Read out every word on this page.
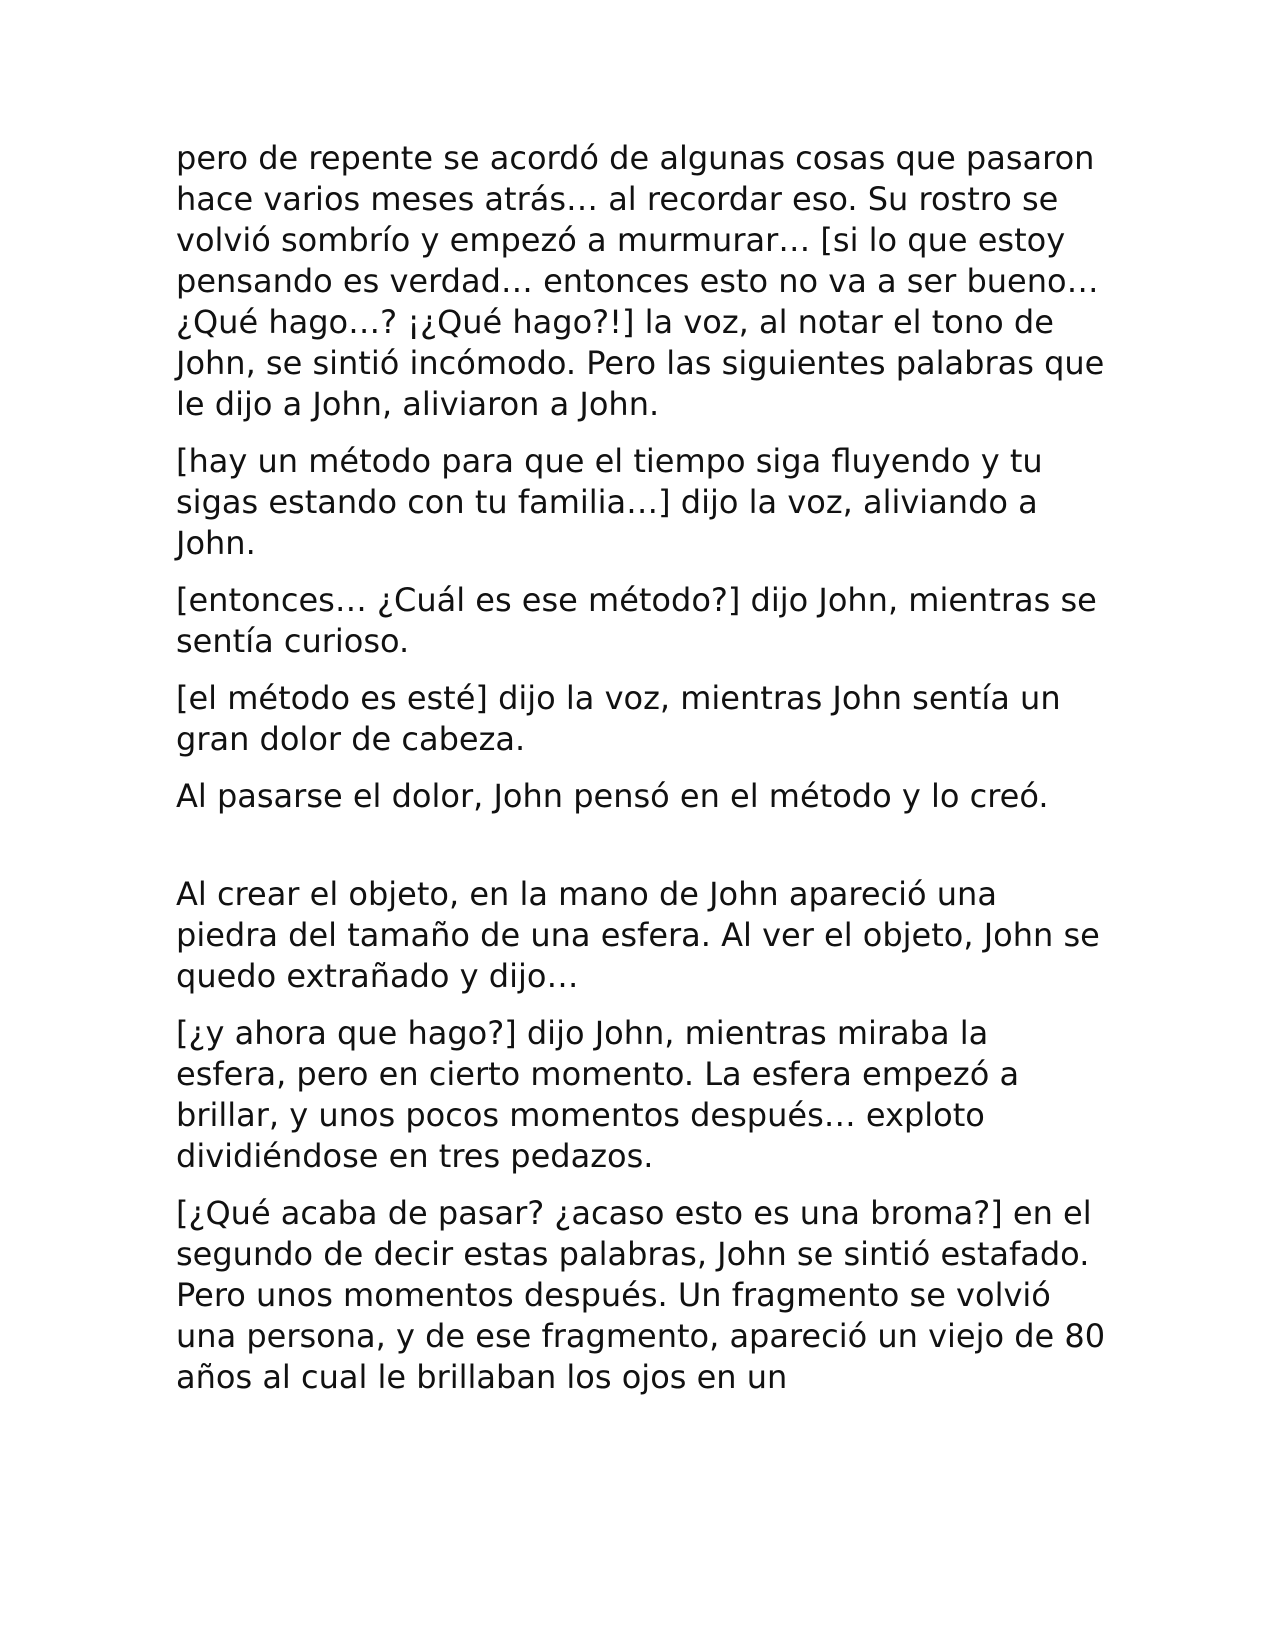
pero de repente se acordó de algunas cosas que pasaron hace varios meses atrás… al recordar eso. Su rostro se volvió sombrío y empezó a murmurar… [si lo que estoy pensando es verdad… entonces esto no va a ser bueno… ¿Qué hago…? ¡¿Qué hago?!] la voz, al notar el tono de John, se sintió incómodo. Pero las siguientes palabras que le dijo a John, aliviaron a John.

[hay un método para que el tiempo siga fluyendo y tu sigas estando con tu familia…] dijo la voz, aliviando a John.

[entonces… ¿Cuál es ese método?] dijo John, mientras se sentía curioso.

[el método es esté] dijo la voz, mientras John sentía un gran dolor de cabeza.

Al pasarse el dolor, John pensó en el método y lo creó.

Al crear el objeto, en la mano de John apareció una piedra del tamaño de una esfera. Al ver el objeto, John se quedo extrañado y dijo…

[¿y ahora que hago?] dijo John, mientras miraba la esfera, pero en cierto momento. La esfera empezó a brillar, y unos pocos momentos después… exploto dividiéndose en tres pedazos.

[¿Qué acaba de pasar? ¿acaso esto es una broma?] en el segundo de decir estas palabras, John se sintió estafado. Pero unos momentos después. Un fragmento se volvió una persona, y de ese fragmento, apareció un viejo de 80 años al cual le brillaban los ojos en un
